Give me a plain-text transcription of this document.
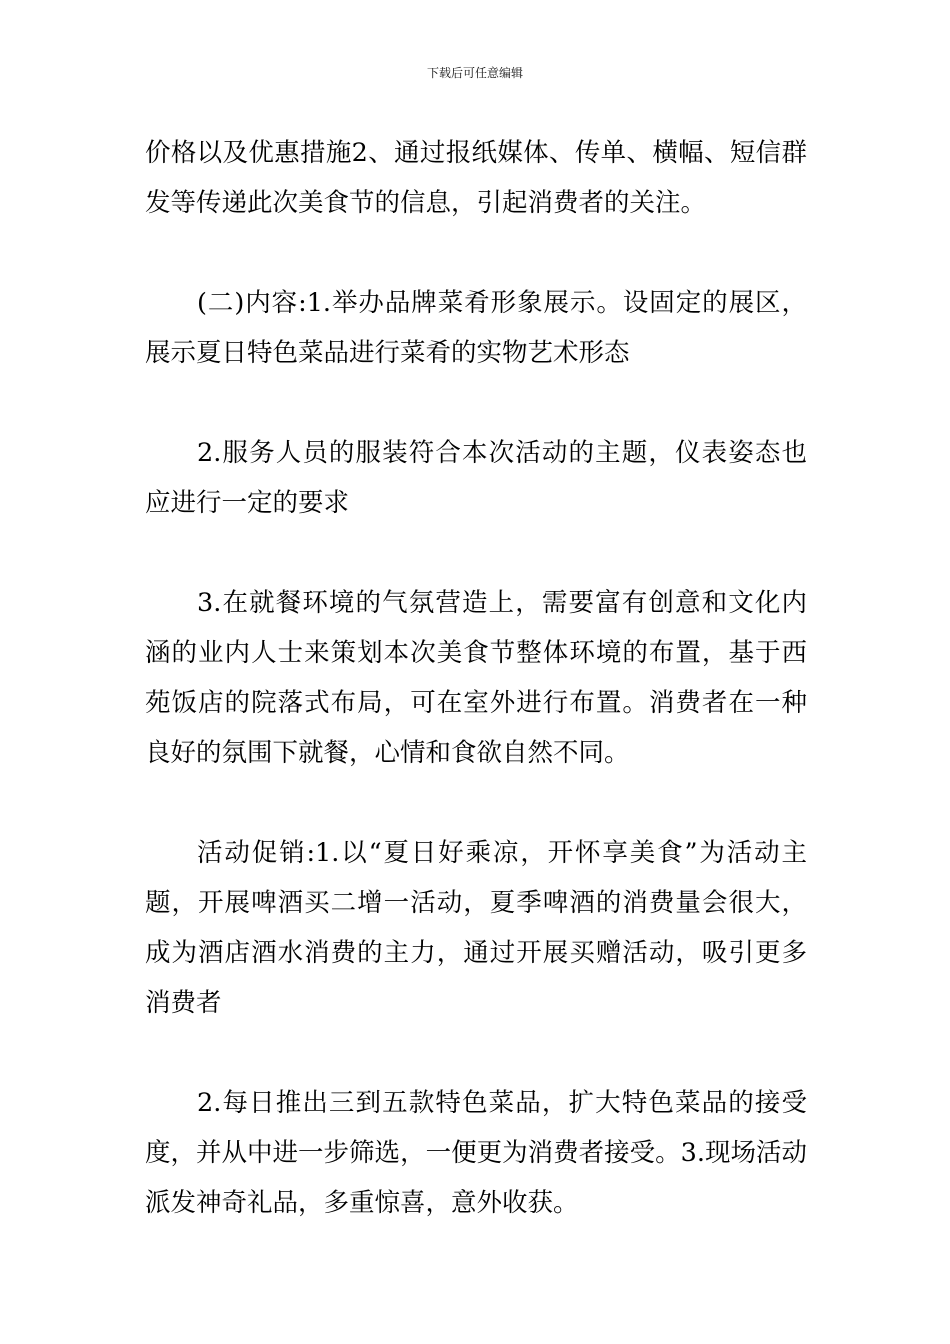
下载后可任意编辑

价格以及优惠措施2、通过报纸媒体、传单、横幅、短信群发等传递此次美食节的信息，引起消费者的关注。

(二)内容:1.举办品牌菜肴形象展示。设固定的展区，展示夏日特色菜品进行菜肴的实物艺术形态

2.服务人员的服装符合本次活动的主题，仪表姿态也应进行一定的要求

3.在就餐环境的气氛营造上，需要富有创意和文化内涵的业内人士来策划本次美食节整体环境的布置，基于西苑饭店的院落式布局，可在室外进行布置。消费者在一种良好的氛围下就餐，心情和食欲自然不同。

活动促销:1.以“夏日好乘凉，开怀享美食”为活动主题，开展啤酒买二增一活动，夏季啤酒的消费量会很大，成为酒店酒水消费的主力，通过开展买赠活动，吸引更多消费者

2.每日推出三到五款特色菜品，扩大特色菜品的接受度，并从中进一步筛选，一便更为消费者接受。3.现场活动派发神奇礼品，多重惊喜，意外收获。
